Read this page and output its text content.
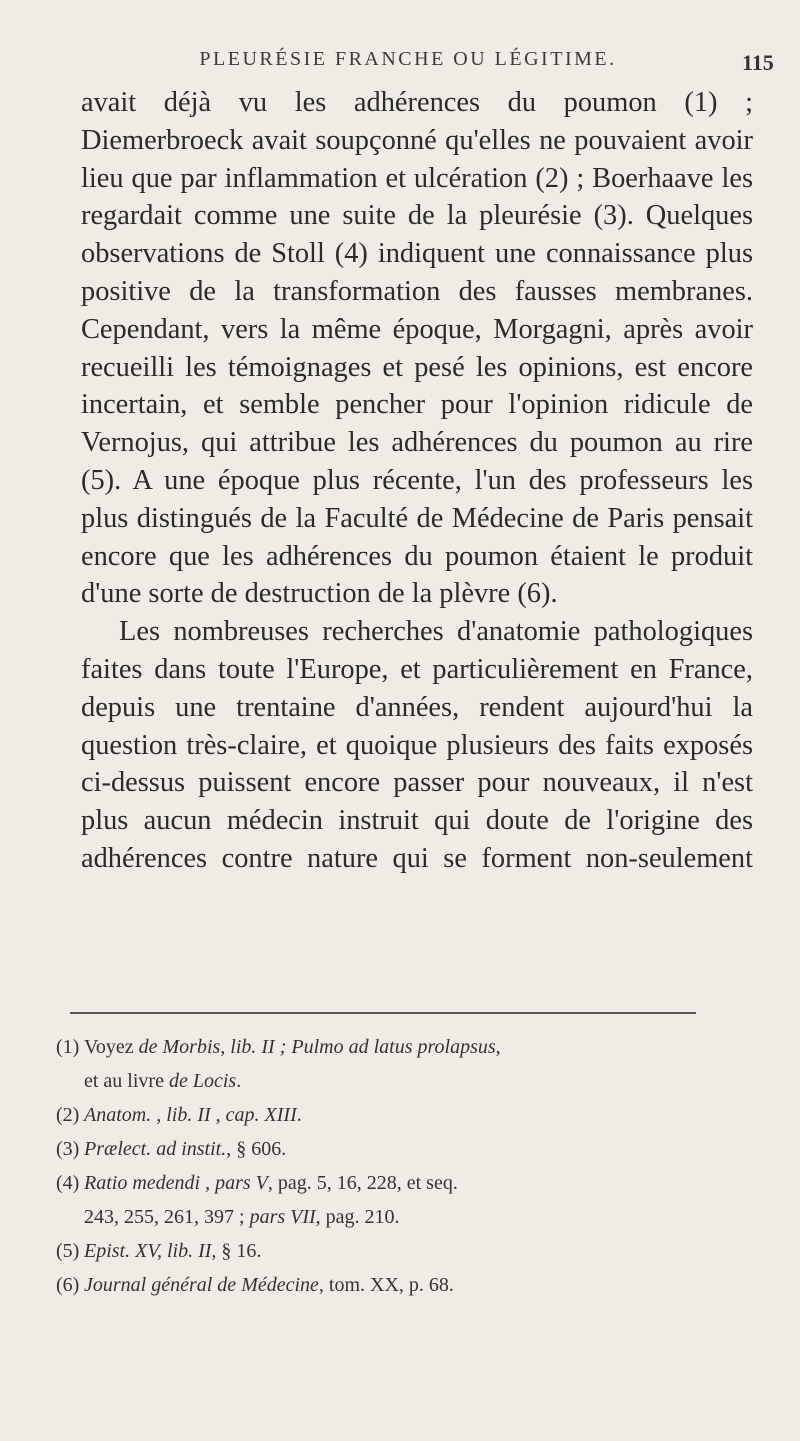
PLEURÉSIE FRANCHE OU LÉGITIME.	115

avait déjà vu les adhérences du poumon (1) ; Diemerbroeck avait soupçonné qu'elles ne pouvaient avoir lieu que par inflammation et ulcération (2) ; Boerhaave les regardait comme une suite de la pleurésie (3). Quelques observations de Stoll (4) indiquent une connaissance plus positive de la transformation des fausses membranes. Cependant, vers la même époque, Morgagni, après avoir recueilli les témoignages et pesé les opinions, est encore incertain, et semble pencher pour l'opinion ridicule de Vernojus, qui attribue les adhérences du poumon au rire (5). A une époque plus récente, l'un des professeurs les plus distingués de la Faculté de Médecine de Paris pensait encore que les adhérences du poumon étaient le produit d'une sorte de destruction de la plèvre (6).

Les nombreuses recherches d'anatomie pathologiques faites dans toute l'Europe, et particulièrement en France, depuis une trentaine d'années, rendent aujourd'hui la question très-claire, et quoique plusieurs des faits exposés ci-dessus puissent encore passer pour nouveaux, il n'est plus aucun médecin instruit qui doute de l'origine des adhérences contre nature qui se forment non-seulement

(1) Voyez de Morbis, lib. II ; Pulmo ad latus prolapsus,
et au livre de Locis.
(2) Anatom. , lib. II , cap. XIII.
(3) Prælect. ad instit., § 606.
(4) Ratio medendi , pars V, pag. 5, 16, 228, et seq.
243, 255, 261, 397 ; pars VII, pag. 210.
(5) Epist. XV, lib. II, § 16.
(6) Journal général de Médecine, tom. XX, p. 68.
